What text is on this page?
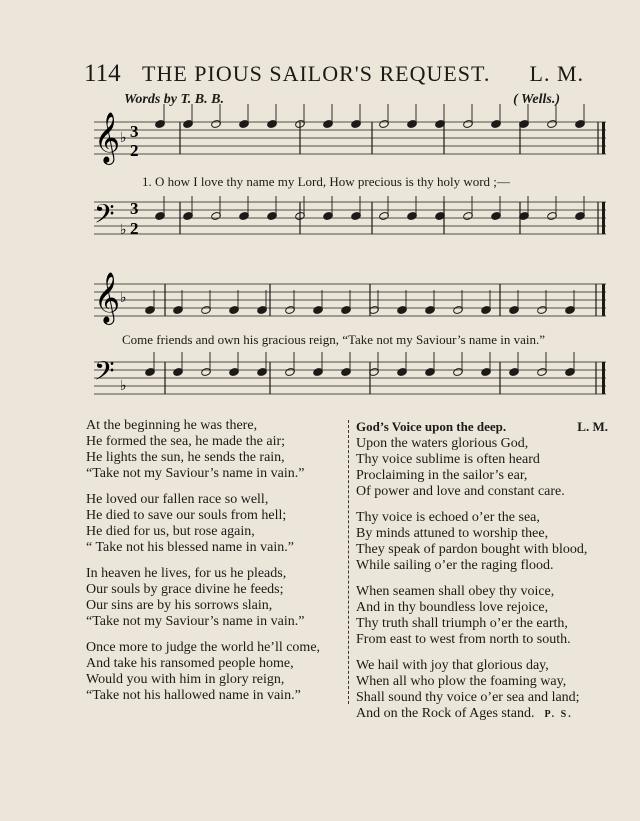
114 THE PIOUS SAILOR'S REQUEST. L. M.
Words by T. B. B.	( Wells.)
𝄞
𝄞
𝄢
𝄢
♭
♭
♭
♭
3
2
3
2
1. O how I love thy name my Lord, How precious is thy holy word ;—
Come friends and own his gracious reign, “Take not my Saviour’s name in vain.”
At the beginning he was there,
He formed the sea, he made the air;
He lights the sun, he sends the rain,
“Take not my Saviour’s name in vain.”
He loved our fallen race so well,
He died to save our souls from hell;
He died for us, but rose again,
“ Take not his blessed name in vain.”
In heaven he lives, for us he pleads,
Our souls by grace divine he feeds;
Our sins are by his sorrows slain,
“Take not my Saviour’s name in vain.”
Once more to judge the world he’ll come,
And take his ransomed people home,
Would you with him in glory reign,
“Take not his hallowed name in vain.”
God’s Voice upon the deep.	L. M.
Upon the waters glorious God,
Thy voice sublime is often heard
Proclaiming in the sailor’s ear,
Of power and love and constant care.
Thy voice is echoed o’er the sea,
By minds attuned to worship thee,
They speak of pardon bought with blood,
While sailing o’er the raging flood.
When seamen shall obey thy voice,
And in thy boundless love rejoice,
Thy truth shall triumph o’er the earth,
From east to west from north to south.
We hail with joy that glorious day,
When all who plow the foaming way,
Shall sound thy voice o’er sea and land;
And on the Rock of Ages stand. P. S.
